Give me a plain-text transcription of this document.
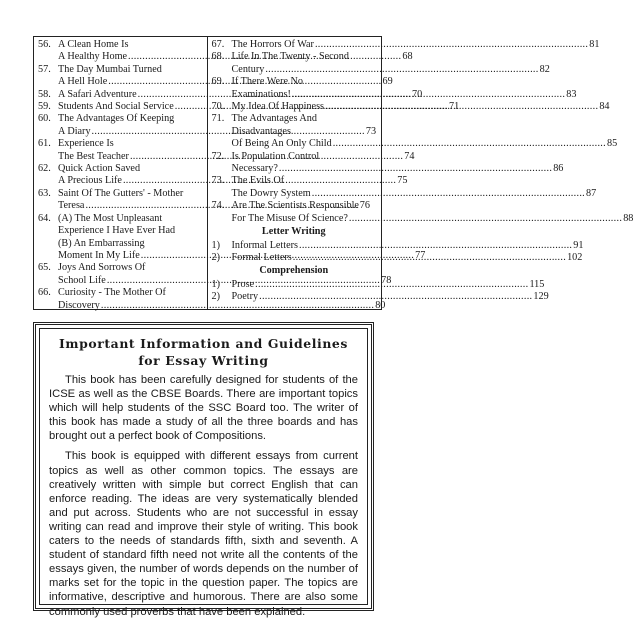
56. A Clean Home Is
A Healthy Home .....	68
57. The Day Mumbai Turned
A Hell Hole .....	69
58. A Safari Adventure .....	70
59. Students And Social Service .....	71
60. The Advantages Of Keeping
A Diary .....	73
61. Experience Is
The Best Teacher .....	74
62. Quick Action Saved
A Precious Life .....	75
63. Saint Of The Gutters' - Mother
Teresa .....	76
64. (A) The Most Unpleasant
Experience I Have Ever Had
(B) An Embarrassing
Moment In My Life .....	77
65. Joys And Sorrows Of
School Life .....	78
66. Curiosity - The Mother Of
Discovery .....	80
67. The Horrors Of War .....	81
68. Life In The Twenty - Second
Century .....	82
69. If There Were No
Examinations! .....	83
70. My Idea Of Happiness .....	84
71. The Advantages And
Disadvantages
Of Being An Only Child .....	85
72. Is Population Control
Necessary? .....	86
73. The Evils Of
The Dowry System .....	87
74. Are The Scientists Responsible
For The Misuse Of Science? .....	88
Letter Writing
1)	Informal Letters .....	91
2)	Formal Letters .....	102
Comprehension
1)	Prose .....	115
2)	Poetry .....	129
Important Information and Guidelines
for Essay Writing

This book has been carefully designed for students of the ICSE as well as the CBSE Boards. There are important topics which will help students of the SSC Board too. The writer of this book has made a study of all the three boards and has brought out a perfect book of Compositions.

This book is equipped with different essays from current topics as well as other common topics. The essays are creatively written with simple but correct English that can enforce reading. The ideas are very systematically blended and put across. Students who are not successful in essay writing can read and improve their style of writing. This book caters to the needs of standards fifth, sixth and seventh. A student of standard fifth need not write all the contents of the essays given, the number of words depends on the number of marks set for the topic in the question paper. The topics are informative, descriptive and humorous. There are also some commonly used proverbs that have been explained.
